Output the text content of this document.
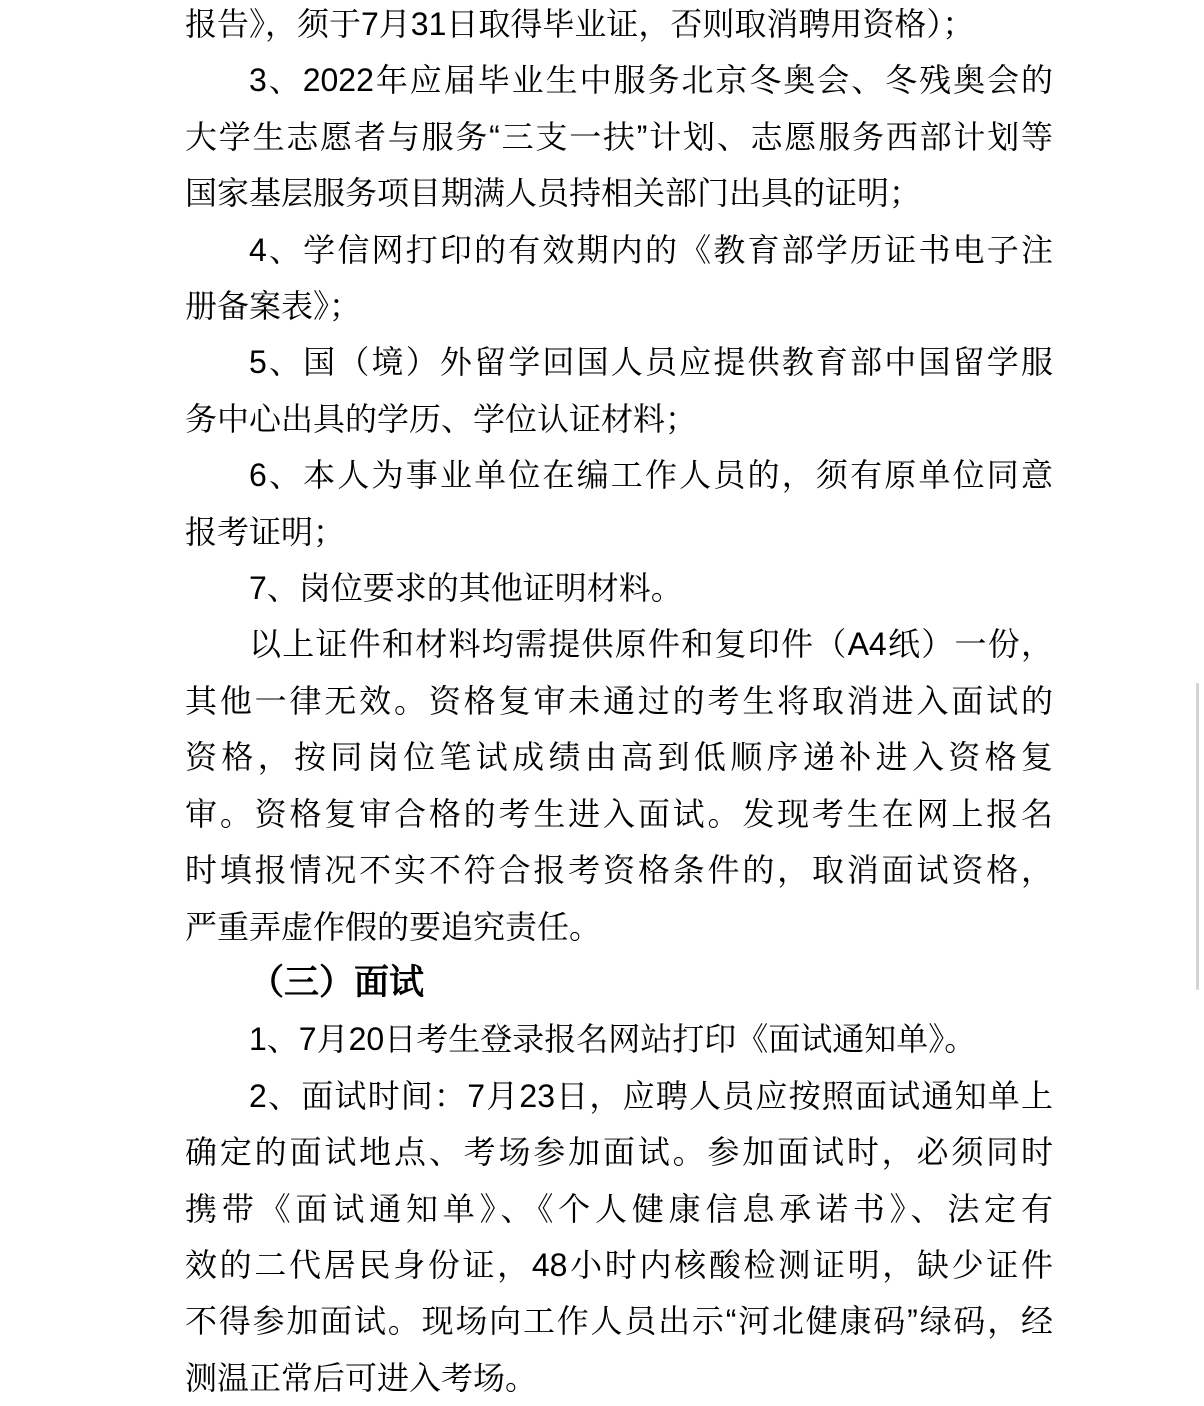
报告》，须于7月31日取得毕业证，否则取消聘用资格）；
3、2022年应届毕业生中服务北京冬奥会、冬残奥会的
大学生志愿者与服务“三支一扶”计划、志愿服务西部计划等
国家基层服务项目期满人员持相关部门出具的证明；
4、学信网打印的有效期内的《教育部学历证书电子注
册备案表》；
5、国（境）外留学回国人员应提供教育部中国留学服
务中心出具的学历、学位认证材料；
6、本人为事业单位在编工作人员的，须有原单位同意
报考证明；
7、岗位要求的其他证明材料。
以上证件和材料均需提供原件和复印件（A4纸）一份，
其他一律无效。资格复审未通过的考生将取消进入面试的
资格，按同岗位笔试成绩由高到低顺序递补进入资格复
审。资格复审合格的考生进入面试。发现考生在网上报名
时填报情况不实不符合报考资格条件的，取消面试资格，
严重弄虚作假的要追究责任。
（三）面试
1、7月20日考生登录报名网站打印《面试通知单》。
2、面试时间：7月23日，应聘人员应按照面试通知单上
确定的面试地点、考场参加面试。参加面试时，必须同时
携带《面试通知单》、《个人健康信息承诺书》、法定有
效的二代居民身份证，48小时内核酸检测证明，缺少证件
不得参加面试。现场向工作人员出示“河北健康码”绿码，经
测温正常后可进入考场。
